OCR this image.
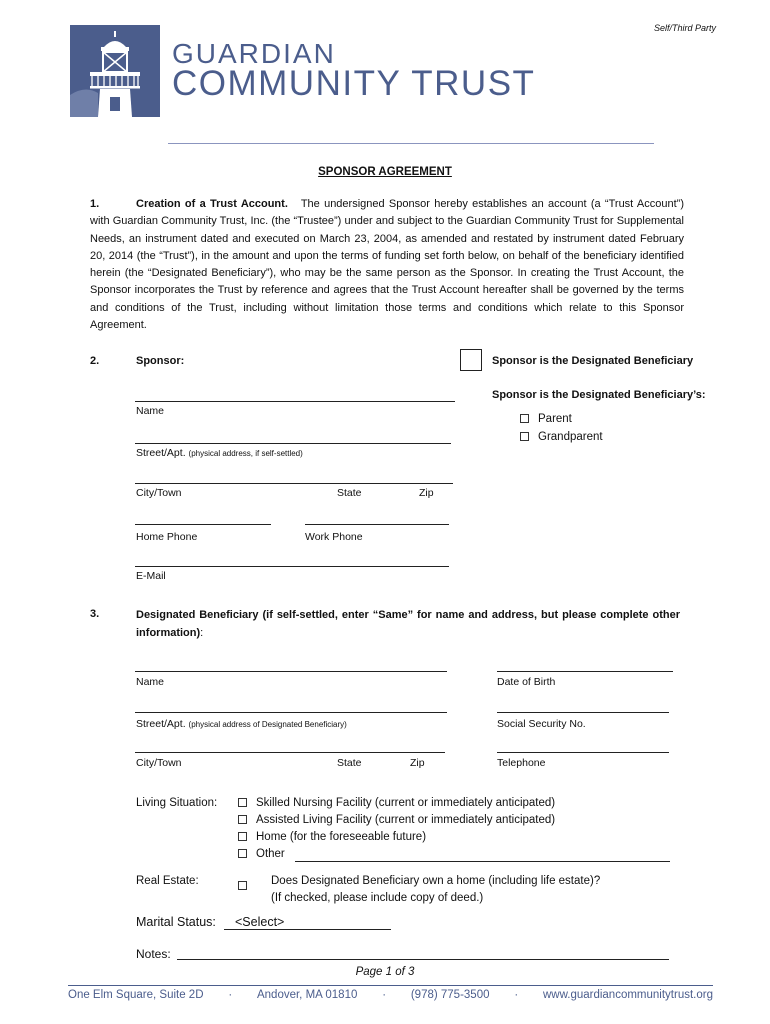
Self/Third Party
GUARDIAN
COMMUNITY TRUST
SPONSOR AGREEMENT
1.	Creation of a Trust Account. The undersigned Sponsor hereby establishes an account (a “Trust Account”) with Guardian Community Trust, Inc. (the “Trustee”) under and subject to the Guardian Community Trust for Supplemental Needs, an instrument dated and executed on March 23, 2004, as amended and restated by instrument dated February 20, 2014 (the “Trust”), in the amount and upon the terms of funding set forth below, on behalf of the beneficiary identified herein (the “Designated Beneficiary”), who may be the same person as the Sponsor. In creating the Trust Account, the Sponsor incorporates the Trust by reference and agrees that the Trust Account hereafter shall be governed by the terms and conditions of the Trust, including without limitation those terms and conditions which relate to this Sponsor Agreement.
2.	Sponsor:	Sponsor is the Designated Beneficiary
Sponsor is the Designated Beneficiary’s:
Parent
Grandparent
Name
Street/Apt. (physical address, if self-settled)
City/Town	State	Zip
Home Phone	Work Phone
E-Mail
3.	Designated Beneficiary (if self-settled, enter “Same” for name and address, but please complete other information):
Name	Date of Birth
Street/Apt. (physical address of Designated Beneficiary)	Social Security No.
City/Town	State	Zip	Telephone
Living Situation:	Skilled Nursing Facility (current or immediately anticipated)
Assisted Living Facility (current or immediately anticipated)
Home (for the foreseeable future)
Other
Real Estate:	Does Designated Beneficiary own a home (including life estate)?
(If checked, please include copy of deed.)
Marital Status:	<Select>
Notes:
Page 1 of 3
One Elm Square, Suite 2D · Andover, MA 01810 · (978) 775-3500 · www.guardiancommunitytrust.org
